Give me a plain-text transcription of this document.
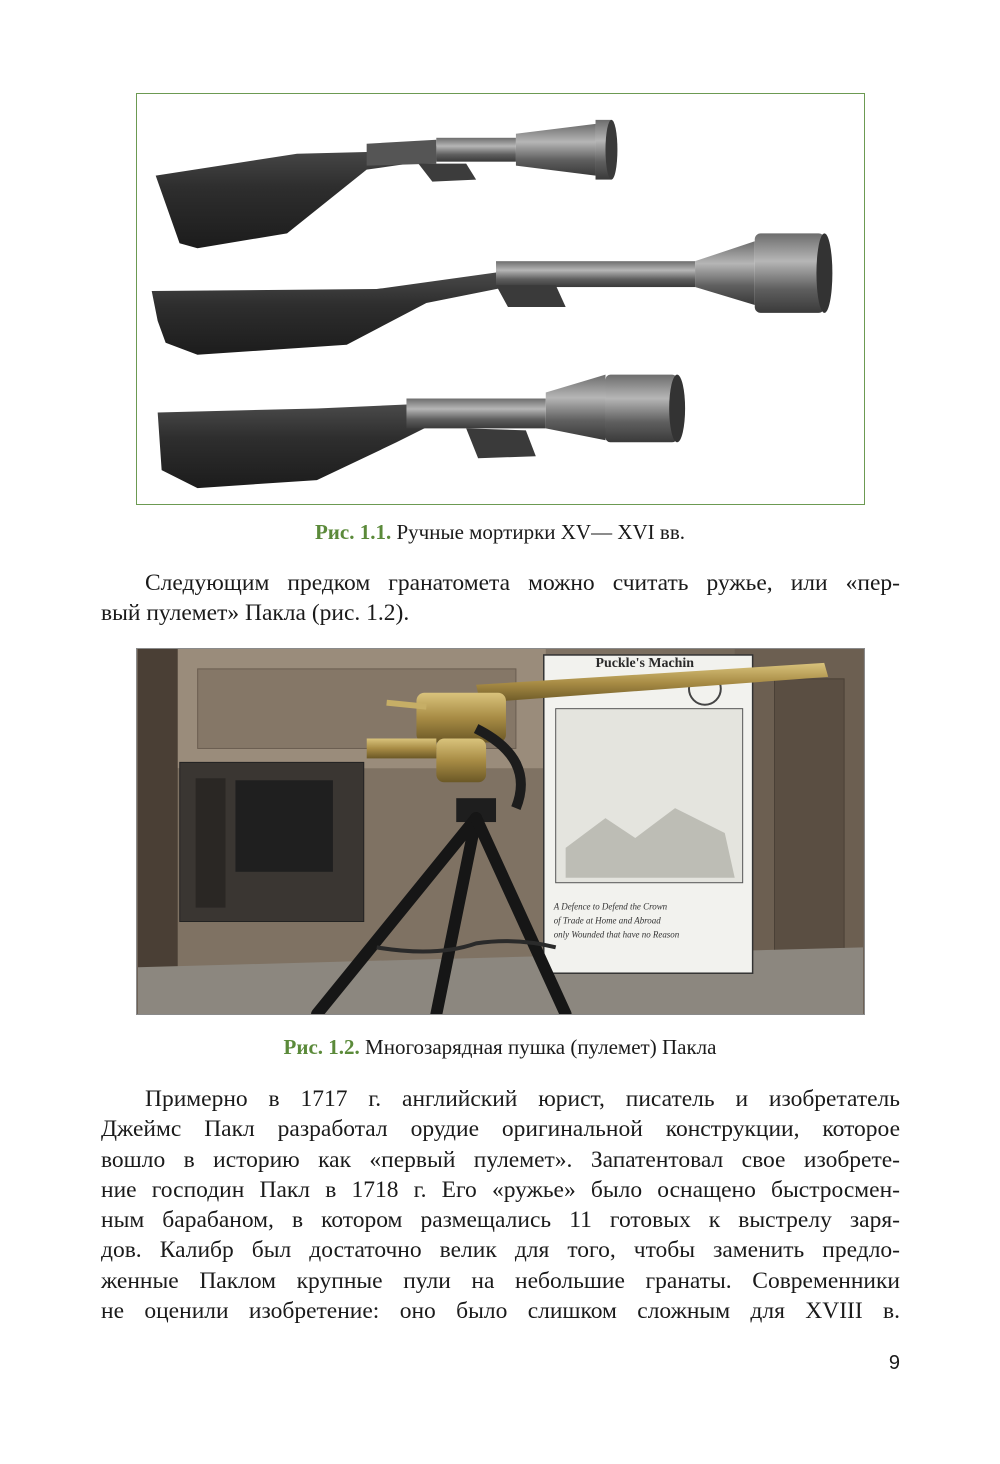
Рис. 1.1. Ручные мортирки XV— XVI вв.
Следующим предком гранатомета можно считать ружье, или «пер-
вый пулемет» Пакла (рис. 1.2).
Puckle's Machin
A Defence to Defend the Crown
of Trade at Home and Abroad
only Wounded that have no Reason
Рис. 1.2. Многозарядная пушка (пулемет) Пакла
Примерно в 1717 г. английский юрист, писатель и изобретатель
Джеймс Пакл разработал орудие оригинальной конструкции, которое
вошло в историю как «первый пулемет». Запатентовал свое изобрете-
ние господин Пакл в 1718 г. Его «ружье» было оснащено быстросмен-
ным барабаном, в котором размещались 11 готовых к выстрелу заря-
дов. Калибр был достаточно велик для того, чтобы заменить предло-
женные Паклом крупные пули на небольшие гранаты. Современники
не оценили изобретение: оно было слишком сложным для XVIII в.
9
